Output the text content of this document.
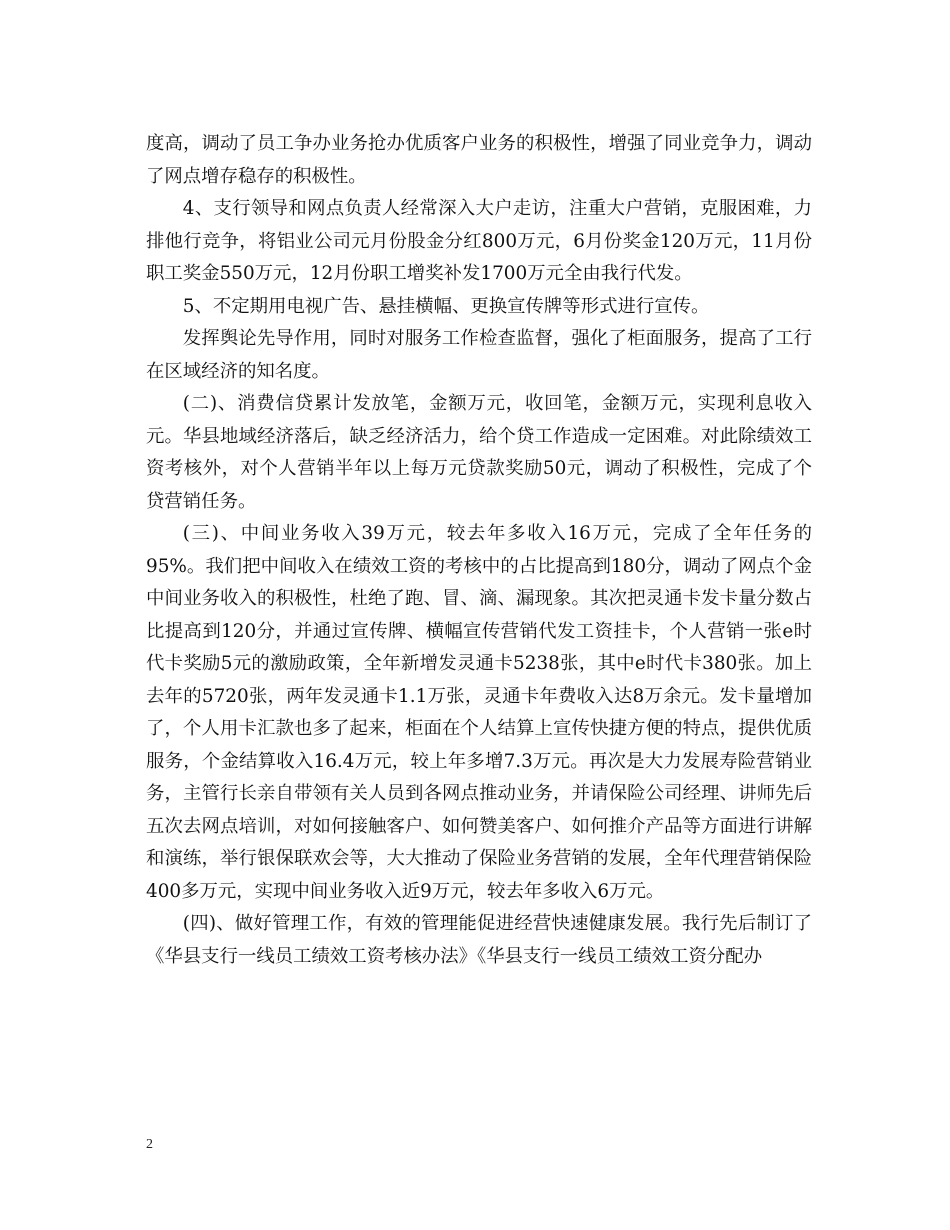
度高，调动了员工争办业务抢办优质客户业务的积极性，增强了同业竞争力，调动了网点增存稳存的积极性。

4、支行领导和网点负责人经常深入大户走访，注重大户营销，克服困难，力排他行竞争，将铝业公司元月份股金分红800万元，6月份奖金120万元，11月份职工奖金550万元，12月份职工增奖补发1700万元全由我行代发。

5、不定期用电视广告、悬挂横幅、更换宣传牌等形式进行宣传。

发挥舆论先导作用，同时对服务工作检查监督，强化了柜面服务，提高了工行在区域经济的知名度。

(二)、消费信贷累计发放笔，金额万元，收回笔，金额万元，实现利息收入元。华县地域经济落后，缺乏经济活力，给个贷工作造成一定困难。对此除绩效工资考核外，对个人营销半年以上每万元贷款奖励50元，调动了积极性，完成了个贷营销任务。

(三)、中间业务收入39万元，较去年多收入16万元，完成了全年任务的95%。我们把中间收入在绩效工资的考核中的占比提高到180分，调动了网点个金中间业务收入的积极性，杜绝了跑、冒、滴、漏现象。其次把灵通卡发卡量分数占比提高到120分，并通过宣传牌、横幅宣传营销代发工资挂卡，个人营销一张e时代卡奖励5元的激励政策，全年新增发灵通卡5238张，其中e时代卡380张。加上去年的5720张，两年发灵通卡1.1万张，灵通卡年费收入达8万余元。发卡量增加了，个人用卡汇款也多了起来，柜面在个人结算上宣传快捷方便的特点，提供优质服务，个金结算收入16.4万元，较上年多增7.3万元。再次是大力发展寿险营销业务，主管行长亲自带领有关人员到各网点推动业务，并请保险公司经理、讲师先后五次去网点培训，对如何接触客户、如何赞美客户、如何推介产品等方面进行讲解和演练，举行银保联欢会等，大大推动了保险业务营销的发展，全年代理营销保险400多万元，实现中间业务收入近9万元，较去年多收入6万元。

(四)、做好管理工作，有效的管理能促进经营快速健康发展。我行先后制订了《华县支行一线员工绩效工资考核办法》《华县支行一线员工绩效工资分配办

2
